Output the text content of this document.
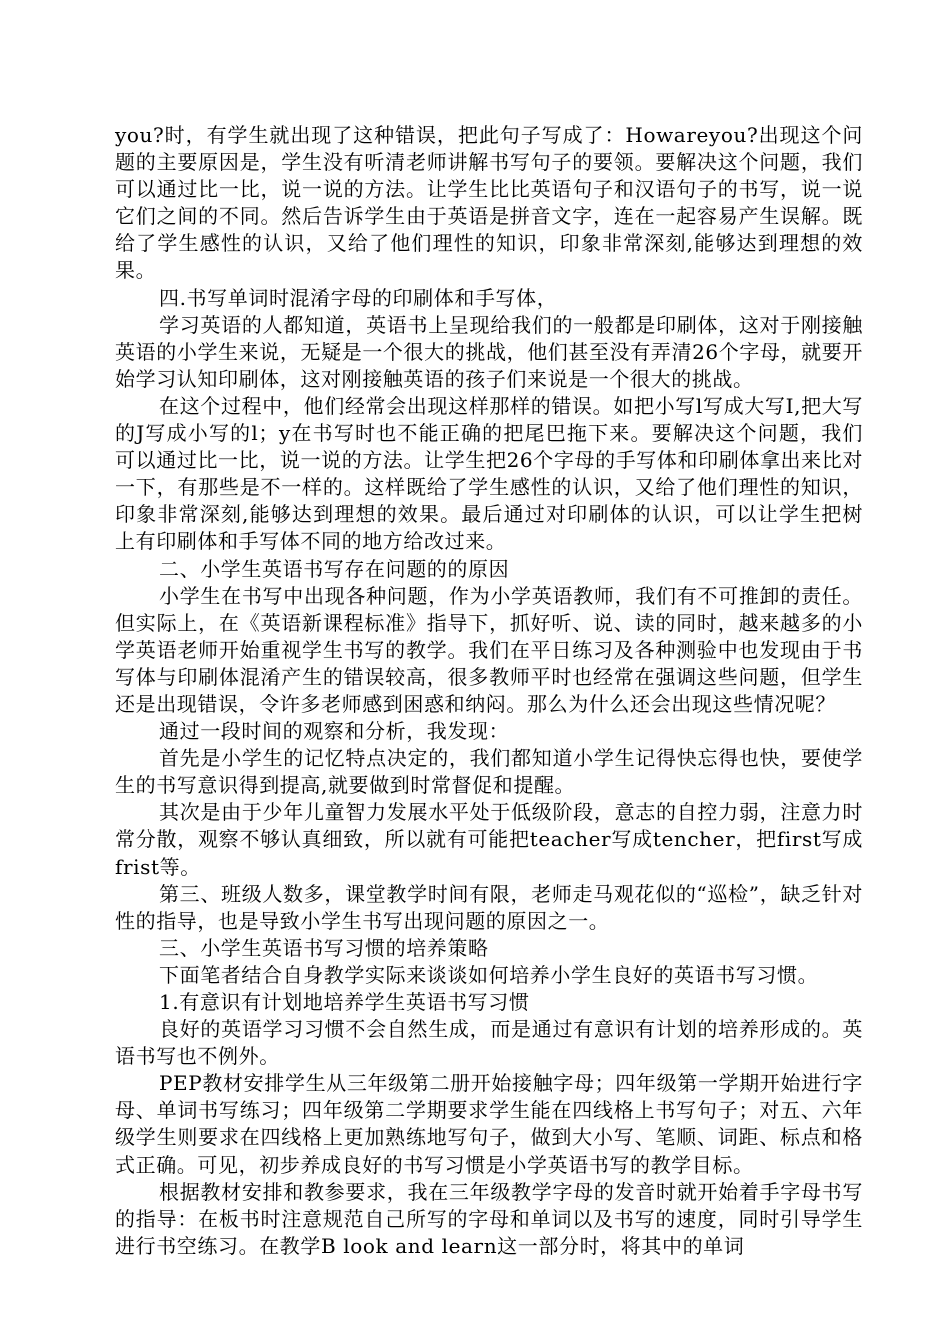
you?时，有学生就出现了这种错误，把此句子写成了：Howareyou?出现这个问题的主要原因是，学生没有听清老师讲解书写句子的要领。要解决这个问题，我们可以通过比一比，说一说的方法。让学生比比英语句子和汉语句子的书写，说一说它们之间的不同。然后告诉学生由于英语是拼音文字，连在一起容易产生误解。既给了学生感性的认识，又给了他们理性的知识，印象非常深刻,能够达到理想的效果。

四.书写单词时混淆字母的印刷体和手写体，

学习英语的人都知道，英语书上呈现给我们的一般都是印刷体，这对于刚接触英语的小学生来说，无疑是一个很大的挑战，他们甚至没有弄清26个字母，就要开始学习认知印刷体，这对刚接触英语的孩子们来说是一个很大的挑战。

在这个过程中，他们经常会出现这样那样的错误。如把小写l写成大写I,把大写的J写成小写的l；y在书写时也不能正确的把尾巴拖下来。要解决这个问题，我们可以通过比一比，说一说的方法。让学生把26个字母的手写体和印刷体拿出来比对一下，有那些是不一样的。这样既给了学生感性的认识，又给了他们理性的知识，印象非常深刻,能够达到理想的效果。最后通过对印刷体的认识，可以让学生把树上有印刷体和手写体不同的地方给改过来。

二、小学生英语书写存在问题的的原因

小学生在书写中出现各种问题，作为小学英语教师，我们有不可推卸的责任。但实际上，在《英语新课程标准》指导下，抓好听、说、读的同时，越来越多的小学英语老师开始重视学生书写的教学。我们在平日练习及各种测验中也发现由于书写体与印刷体混淆产生的错误较高，很多教师平时也经常在强调这些问题，但学生还是出现错误，令许多老师感到困惑和纳闷。那么为什么还会出现这些情况呢？

通过一段时间的观察和分析，我发现：

首先是小学生的记忆特点决定的，我们都知道小学生记得快忘得也快，要使学生的书写意识得到提高,就要做到时常督促和提醒。

其次是由于少年儿童智力发展水平处于低级阶段，意志的自控力弱，注意力时常分散，观察不够认真细致，所以就有可能把teacher写成tencher，把first写成frist等。

第三、班级人数多，课堂教学时间有限，老师走马观花似的“巡检”，缺乏针对性的指导，也是导致小学生书写出现问题的原因之一。

三、小学生英语书写习惯的培养策略

下面笔者结合自身教学实际来谈谈如何培养小学生良好的英语书写习惯。

1.有意识有计划地培养学生英语书写习惯

良好的英语学习习惯不会自然生成，而是通过有意识有计划的培养形成的。英语书写也不例外。

PEP教材安排学生从三年级第二册开始接触字母；四年级第一学期开始进行字母、单词书写练习；四年级第二学期要求学生能在四线格上书写句子；对五、六年级学生则要求在四线格上更加熟练地写句子，做到大小写、笔顺、词距、标点和格式正确。可见，初步养成良好的书写习惯是小学英语书写的教学目标。

根据教材安排和教参要求，我在三年级教学字母的发音时就开始着手字母书写的指导：在板书时注意规范自己所写的字母和单词以及书写的速度，同时引导学生进行书空练习。在教学B look and learn这一部分时，将其中的单词
